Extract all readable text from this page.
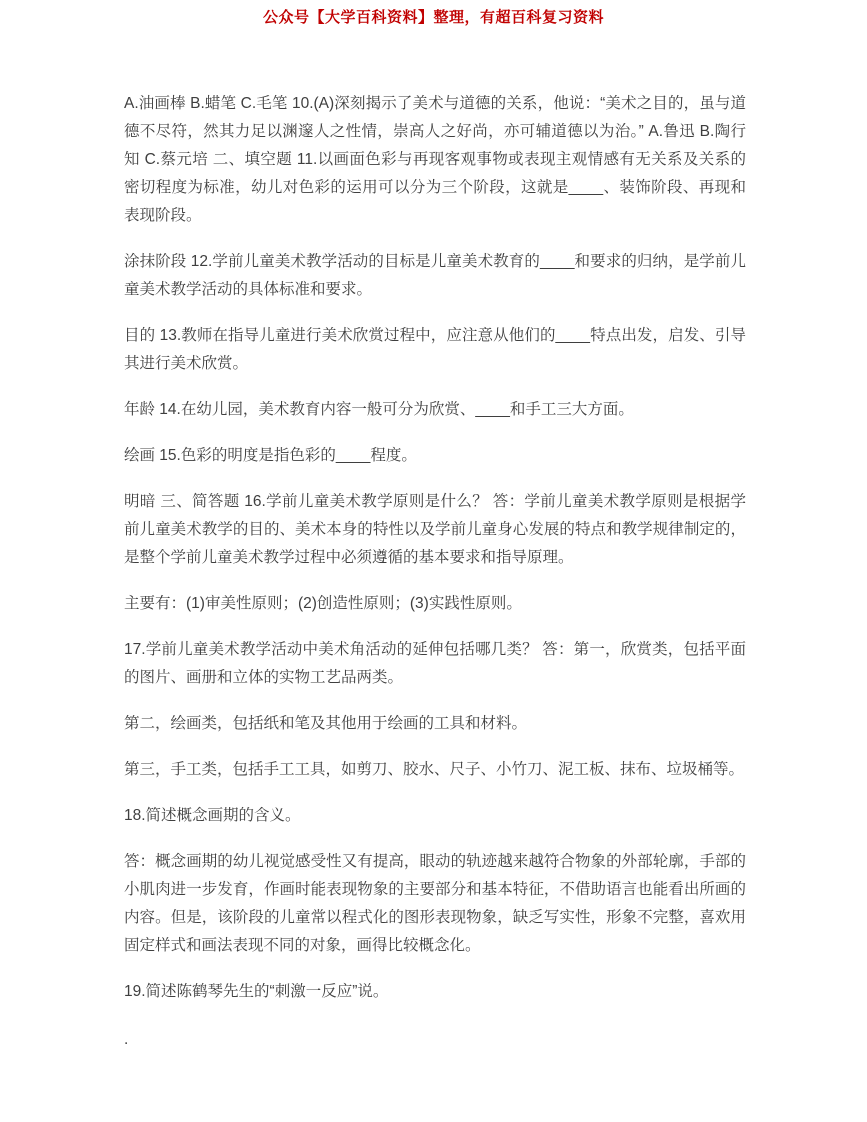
公众号【大学百科资料】整理，有超百科复习资料

A.油画棒 B.蜡笔 C.毛笔 10.(A)深刻揭示了美术与道德的关系，他说：“美术之目的，虽与道德不尽符，然其力足以渊邃人之性情，崇高人之好尚，亦可辅道德以为治。” A.鲁迅 B.陶行知 C.蔡元培 二、填空题 11.以画面色彩与再现客观事物或表现主观情感有无关系及关系的密切程度为标准，幼儿对色彩的运用可以分为三个阶段，这就是____、装饰阶段、再现和表现阶段。

涂抹阶段 12.学前儿童美术教学活动的目标是儿童美术教育的____和要求的归纳，是学前儿童美术教学活动的具体标准和要求。

目的 13.教师在指导儿童进行美术欣赏过程中，应注意从他们的____特点出发，启发、引导其进行美术欣赏。

年龄 14.在幼儿园，美术教育内容一般可分为欣赏、____和手工三大方面。

绘画 15.色彩的明度是指色彩的____程度。

明暗 三、简答题 16.学前儿童美术教学原则是什么？ 答：学前儿童美术教学原则是根据学前儿童美术教学的目的、美术本身的特性以及学前儿童身心发展的特点和教学规律制定的，是整个学前儿童美术教学过程中必须遵循的基本要求和指导原理。

主要有：(1)审美性原则；(2)创造性原则；(3)实践性原则。

17.学前儿童美术教学活动中美术角活动的延伸包括哪几类？ 答：第一，欣赏类，包括平面的图片、画册和立体的实物工艺品两类。

第二，绘画类，包括纸和笔及其他用于绘画的工具和材料。

第三，手工类，包括手工工具，如剪刀、胶水、尺子、小竹刀、泥工板、抹布、垃圾桶等。

18.简述概念画期的含义。

答：概念画期的幼儿视觉感受性又有提高，眼动的轨迹越来越符合物象的外部轮廓，手部的小肌肉进一步发育，作画时能表现物象的主要部分和基本特征，不借助语言也能看出所画的内容。但是，该阶段的儿童常以程式化的图形表现物象，缺乏写实性，形象不完整，喜欢用固定样式和画法表现不同的对象，画得比较概念化。

19.简述陈鹤琴先生的“刺激一反应”说。

.
